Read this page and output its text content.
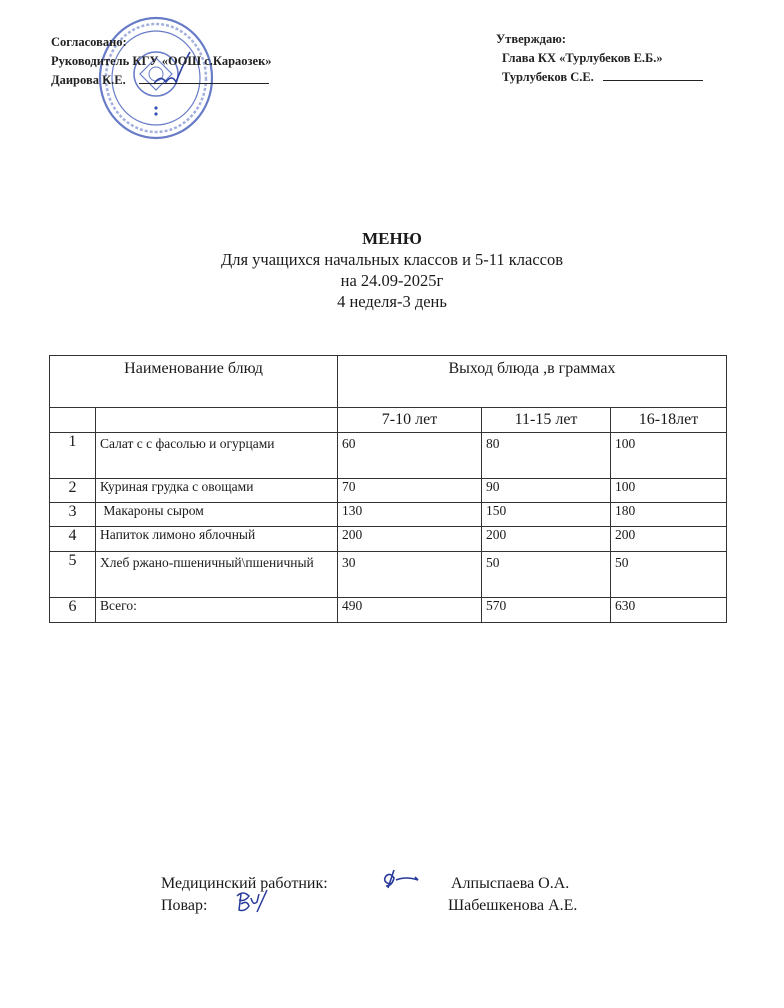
Согласовано:
Руководитель КГУ «ООШ с.Караозек»
Даирова К.Е.
Утверждаю:
Глава КХ «Турлубеков Е.Б.»
Турлубеков С.Е.
МЕНЮ
Для учащихся начальных классов и 5-11 классов
на 24.09-2025г
4 неделя-3 день
Наименование блюд		Выход блюда ,в граммах		
		7-10 лет	11-15 лет	16-18лет
1	Салат с с фасолью и огурцами	60	80	100
2	Куриная грудка с овощами	70	90	100
3	Макароны сыром	130	150	180
4	Напиток лимоно яблочный	200	200	200
5	Хлеб ржано-пшеничный\пшеничный	30	50	50
6	Всего:	490	570	630
Медицинский работник:	Алпыспаева О.А.
Повар:	Шабешкенова А.Е.
